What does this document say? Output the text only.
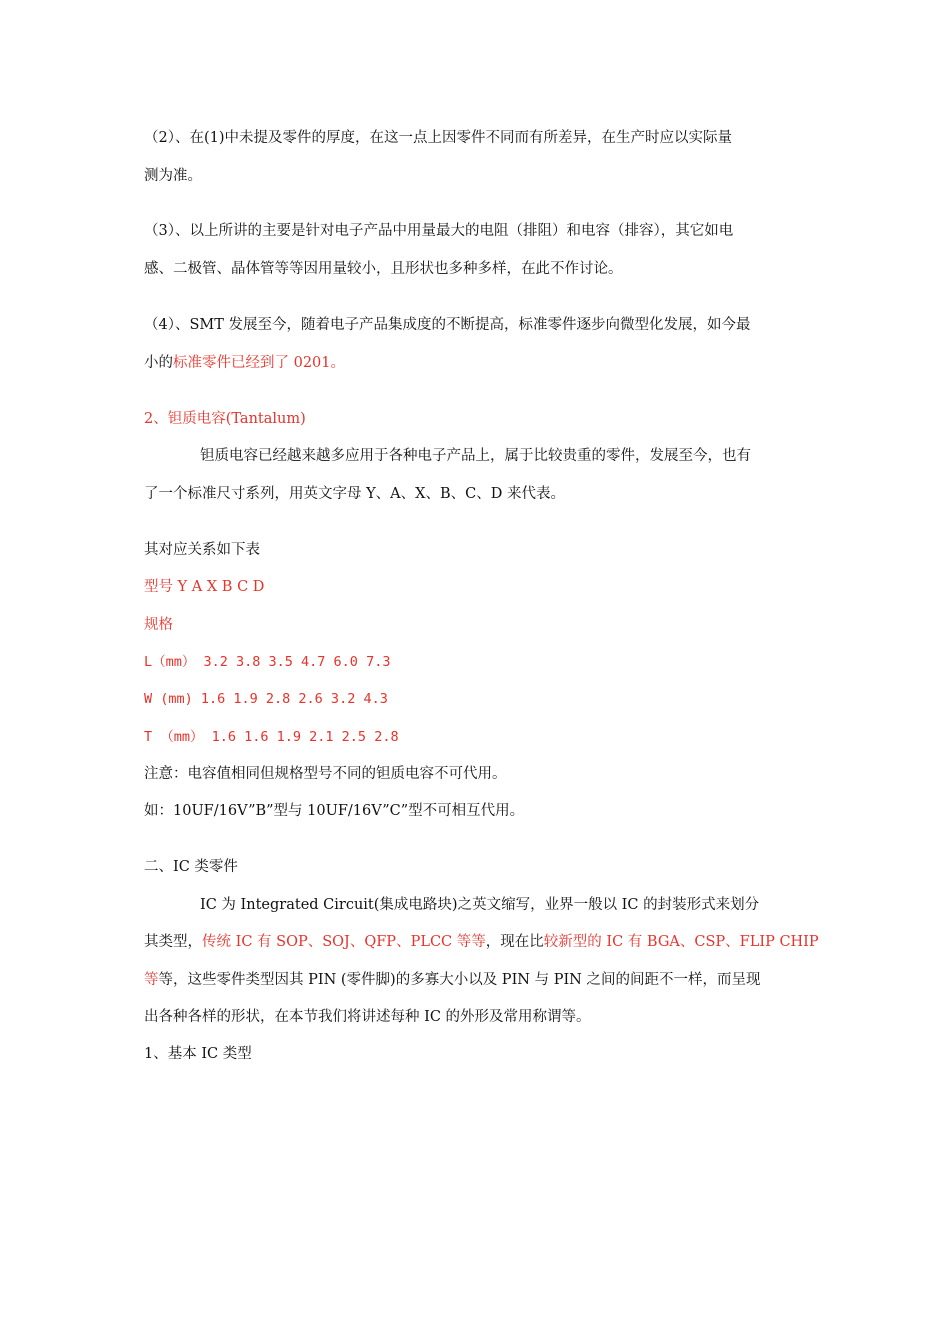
（2）、在(1)中未提及零件的厚度，在这一点上因零件不同而有所差异，在生产时应以实际量
测为准。
（3）、以上所讲的主要是针对电子产品中用量最大的电阻（排阻）和电容（排容），其它如电
感、二极管、晶体管等等因用量较小，且形状也多种多样，在此不作讨论。
（4）、SMT 发展至今，随着电子产品集成度的不断提高，标准零件逐步向微型化发展，如今最
小的标准零件已经到了 0201。
2、钽质电容(Tantalum)
钽质电容已经越来越多应用于各种电子产品上，属于比较贵重的零件，发展至今，也有
了一个标准尺寸系列，用英文字母 Y、A、X、B、C、D 来代表。
其对应关系如下表
型号 Y A X B C D
规格
L（mm） 3.2 3.8 3.5 4.7 6.0 7.3
W (mm) 1.6 1.9 2.8 2.6 3.2 4.3
T （mm） 1.6 1.6 1.9 2.1 2.5 2.8
注意：电容值相同但规格型号不同的钽质电容不可代用。
如：10UF/16V”B”型与 10UF/16V”C”型不可相互代用。
二、IC 类零件
IC 为 Integrated Circuit(集成电路块)之英文缩写，业界一般以 IC 的封装形式来划分
其类型，传统 IC 有 SOP、SOJ、QFP、PLCC 等等，现在比较新型的 IC 有 BGA、CSP、FLIP CHIP
等等，这些零件类型因其 PIN (零件脚)的多寡大小以及 PIN 与 PIN 之间的间距不一样，而呈现
出各种各样的形状，在本节我们将讲述每种 IC 的外形及常用称谓等。
1、基本 IC 类型
